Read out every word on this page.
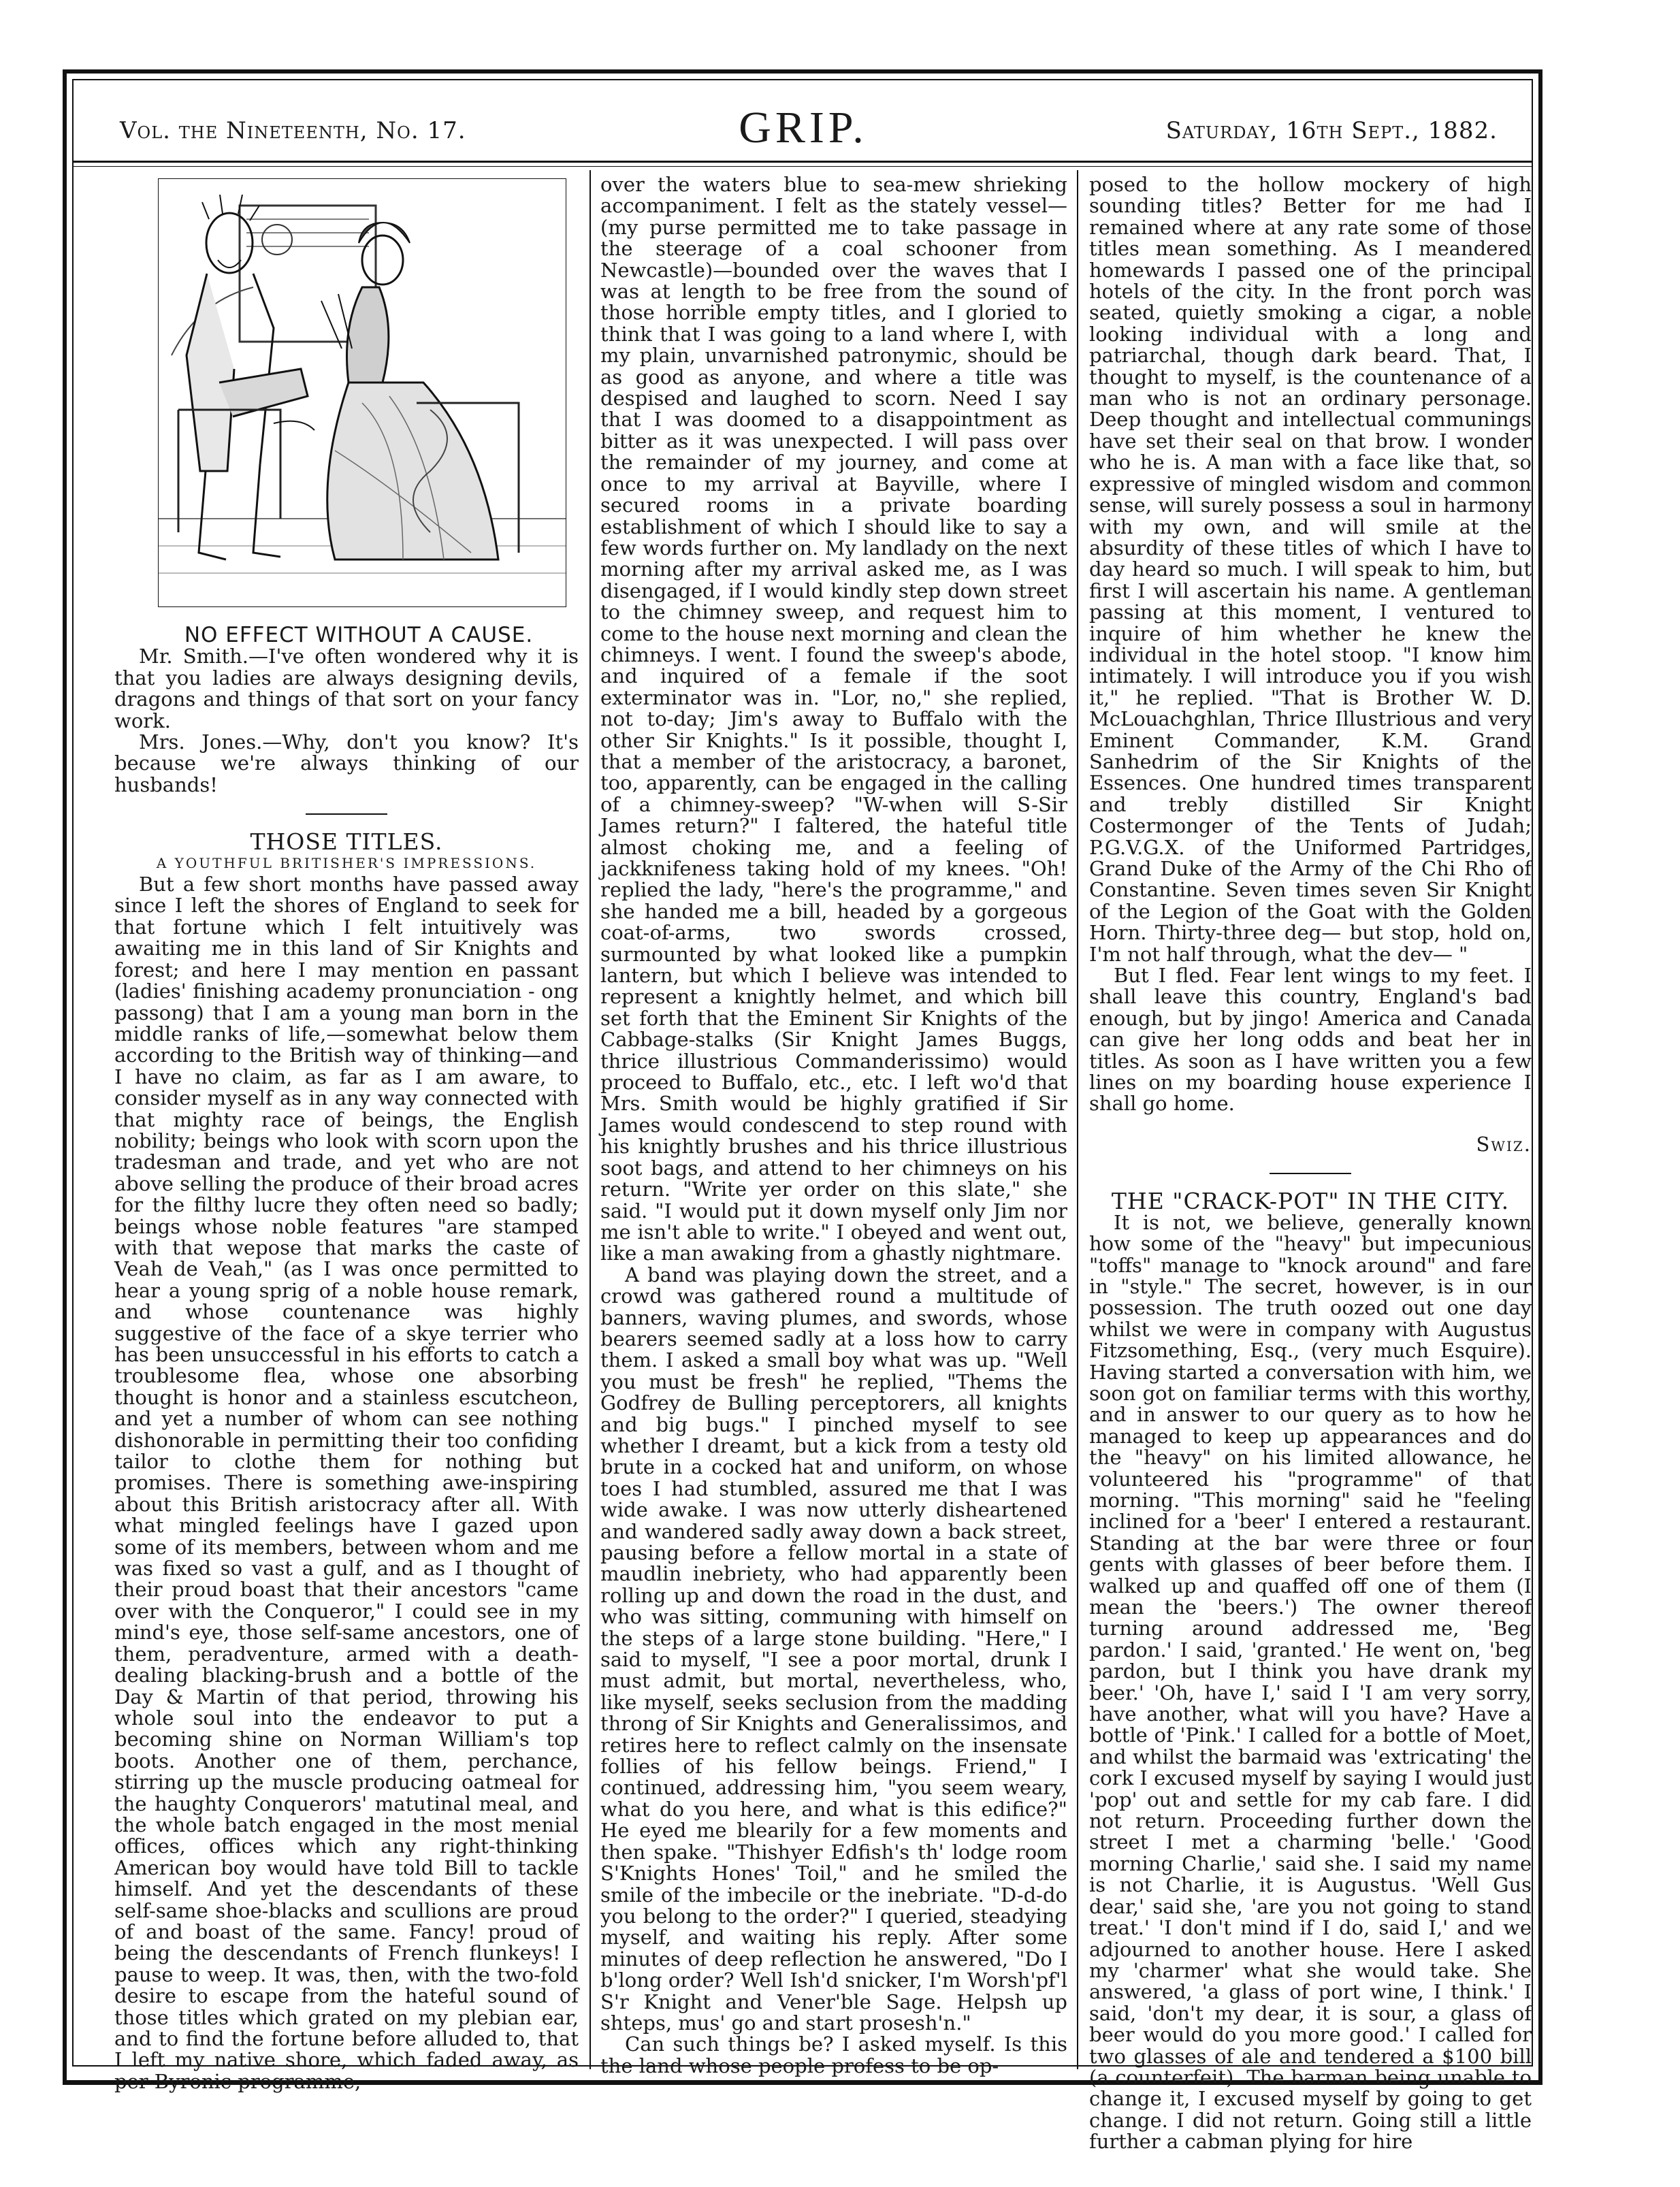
Vol. the Nineteenth, No. 17.	GRIP.	Saturday, 16th Sept., 1882.

NO EFFECT WITHOUT A CAUSE.

Mr. Smith.—I've often wondered why it is that you ladies are always designing devils, dragons and things of that sort on your fancy work.

Mrs. Jones.—Why, don't you know? It's because we're always thinking of our husbands!

THOSE TITLES.

A YOUTHFUL BRITISHER'S IMPRESSIONS.

But a few short months have passed away since I left the shores of England to seek for that fortune which I felt intuitively was awaiting me in this land of Sir Knights and forest; and here I may mention en passant (ladies' finishing academy pronunciation - ong passong) that I am a young man born in the middle ranks of life,—somewhat below them according to the British way of thinking—and I have no claim, as far as I am aware, to consider myself as in any way connected with that mighty race of beings, the English nobility; beings who look with scorn upon the tradesman and trade, and yet who are not above selling the produce of their broad acres for the filthy lucre they often need so badly; beings whose noble features "are stamped with that wepose that marks the caste of Veah de Veah," (as I was once permitted to hear a young sprig of a noble house remark, and whose countenance was highly suggestive of the face of a skye terrier who has been unsuccessful in his efforts to catch a troublesome flea, whose one absorbing thought is honor and a stainless escutcheon, and yet a number of whom can see nothing dishonorable in permitting their too confiding tailor to clothe them for nothing but promises. There is something awe-inspiring about this British aristocracy after all. With what mingled feelings have I gazed upon some of its members, between whom and me was fixed so vast a gulf, and as I thought of their proud boast that their ancestors "came over with the Conqueror," I could see in my mind's eye, those self-same ancestors, one of them, peradventure, armed with a death-dealing blacking-brush and a bottle of the Day & Martin of that period, throwing his whole soul into the endeavor to put a becoming shine on Norman William's top boots. Another one of them, perchance, stirring up the muscle producing oatmeal for the haughty Conquerors' matutinal meal, and the whole batch engaged in the most menial offices, offices which any right-thinking American boy would have told Bill to tackle himself. And yet the descendants of these self-same shoe-blacks and scullions are proud of and boast of the same. Fancy! proud of being the descendants of French flunkeys! I pause to weep. It was, then, with the two-fold desire to escape from the hateful sound of those titles which grated on my plebian ear, and to find the fortune before alluded to, that I left my native shore, which faded away, as per Byronic programme,

over the waters blue to sea-mew shrieking accompaniment. I felt as the stately vessel—(my purse permitted me to take passage in the steerage of a coal schooner from Newcastle)—bounded over the waves that I was at length to be free from the sound of those horrible empty titles, and I gloried to think that I was going to a land where I, with my plain, unvarnished patronymic, should be as good as anyone, and where a title was despised and laughed to scorn. Need I say that I was doomed to a disappointment as bitter as it was unexpected. I will pass over the remainder of my journey, and come at once to my arrival at Bayville, where I secured rooms in a private boarding establishment of which I should like to say a few words further on. My landlady on the next morning after my arrival asked me, as I was disengaged, if I would kindly step down street to the chimney sweep, and request him to come to the house next morning and clean the chimneys. I went. I found the sweep's abode, and inquired of a female if the soot exterminator was in. "Lor, no," she replied, not to-day; Jim's away to Buffalo with the other Sir Knights." Is it possible, thought I, that a member of the aristocracy, a baronet, too, apparently, can be engaged in the calling of a chimney-sweep? "W-when will S-Sir James return?" I faltered, the hateful title almost choking me, and a feeling of jackknifeness taking hold of my knees. "Oh! replied the lady, "here's the programme," and she handed me a bill, headed by a gorgeous coat-of-arms, two swords crossed, surmounted by what looked like a pumpkin lantern, but which I believe was intended to represent a knightly helmet, and which bill set forth that the Eminent Sir Knights of the Cabbage-stalks (Sir Knight James Buggs, thrice illustrious Commanderissimo) would proceed to Buffalo, etc., etc. I left wo'd that Mrs. Smith would be highly gratified if Sir James would condescend to step round with his knightly brushes and his thrice illustrious soot bags, and attend to her chimneys on his return. "Write yer order on this slate," she said. "I would put it down myself only Jim nor me isn't able to write." I obeyed and went out, like a man awaking from a ghastly nightmare.

A band was playing down the street, and a crowd was gathered round a multitude of banners, waving plumes, and swords, whose bearers seemed sadly at a loss how to carry them. I asked a small boy what was up. "Well you must be fresh" he replied, "Thems the Godfrey de Bulling perceptorers, all knights and big bugs." I pinched myself to see whether I dreamt, but a kick from a testy old brute in a cocked hat and uniform, on whose toes I had stumbled, assured me that I was wide awake. I was now utterly disheartened and wandered sadly away down a back street, pausing before a fellow mortal in a state of maudlin inebriety, who had apparently been rolling up and down the road in the dust, and who was sitting, communing with himself on the steps of a large stone building. "Here," I said to myself, "I see a poor mortal, drunk I must admit, but mortal, nevertheless, who, like myself, seeks seclusion from the madding throng of Sir Knights and Generalissimos, and retires here to reflect calmly on the insensate follies of his fellow beings. Friend," I continued, addressing him, "you seem weary, what do you here, and what is this edifice?" He eyed me blearily for a few moments and then spake. "Thishyer Edfish's th' lodge room S'Knights Hones' Toil," and he smiled the smile of the imbecile or the inebriate. "D-d-do you belong to the order?" I queried, steadying myself, and waiting his reply. After some minutes of deep reflection he answered, "Do I b'long order? Well Ish'd snicker, I'm Worsh'pf'l S'r Knight and Vener'ble Sage. Helpsh up shteps, mus' go and start prosesh'n."

Can such things be? I asked myself. Is this the land whose people profess to be op-

posed to the hollow mockery of high sounding titles? Better for me had I remained where at any rate some of those titles mean something. As I meandered homewards I passed one of the principal hotels of the city. In the front porch was seated, quietly smoking a cigar, a noble looking individual with a long and patriarchal, though dark beard. That, I thought to myself, is the countenance of a man who is not an ordinary personage. Deep thought and intellectual communings have set their seal on that brow. I wonder who he is. A man with a face like that, so expressive of mingled wisdom and common sense, will surely possess a soul in harmony with my own, and will smile at the absurdity of these titles of which I have to day heard so much. I will speak to him, but first I will ascertain his name. A gentleman passing at this moment, I ventured to inquire of him whether he knew the individual in the hotel stoop. "I know him intimately. I will introduce you if you wish it," he replied. "That is Brother W. D. McLouachghlan, Thrice Illustrious and very Eminent Commander, K.M. Grand Sanhedrim of the Sir Knights of the Essences. One hundred times transparent and trebly distilled Sir Knight Costermonger of the Tents of Judah; P.G.V.G.X. of the Uniformed Partridges, Grand Duke of the Army of the Chi Rho of Constantine. Seven times seven Sir Knight of the Legion of the Goat with the Golden Horn. Thirty-three deg— but stop, hold on, I'm not half through, what the dev— "

But I fled. Fear lent wings to my feet. I shall leave this country, England's bad enough, but by jingo! America and Canada can give her long odds and beat her in titles. As soon as I have written you a few lines on my boarding house experience I shall go home.

Swiz.

THE "CRACK-POT" IN THE CITY.

It is not, we believe, generally known how some of the "heavy" but impecunious "toffs" manage to "knock around" and fare in "style." The secret, however, is in our possession. The truth oozed out one day whilst we were in company with Augustus Fitzsomething, Esq., (very much Esquire). Having started a conversation with him, we soon got on familiar terms with this worthy, and in answer to our query as to how he managed to keep up appearances and do the "heavy" on his limited allowance, he volunteered his "programme" of that morning. "This morning" said he "feeling inclined for a 'beer' I entered a restaurant. Standing at the bar were three or four gents with glasses of beer before them. I walked up and quaffed off one of them (I mean the 'beers.') The owner thereof turning around addressed me, 'Beg pardon.' I said, 'granted.' He went on, 'beg pardon, but I think you have drank my beer.' 'Oh, have I,' said I 'I am very sorry, have another, what will you have? Have a bottle of 'Pink.' I called for a bottle of Moet, and whilst the barmaid was 'extricating' the cork I excused myself by saying I would just 'pop' out and settle for my cab fare. I did not return. Proceeding further down the street I met a charming 'belle.' 'Good morning Charlie,' said she. I said my name is not Charlie, it is Augustus. 'Well Gus dear,' said she, 'are you not going to stand treat.' 'I don't mind if I do, said I,' and we adjourned to another house. Here I asked my 'charmer' what she would take. She answered, 'a glass of port wine, I think.' I said, 'don't my dear, it is sour, a glass of beer would do you more good.' I called for two glasses of ale and tendered a $100 bill (a counterfeit). The barman being unable to change it, I excused myself by going to get change. I did not return. Going still a little further a cabman plying for hire
